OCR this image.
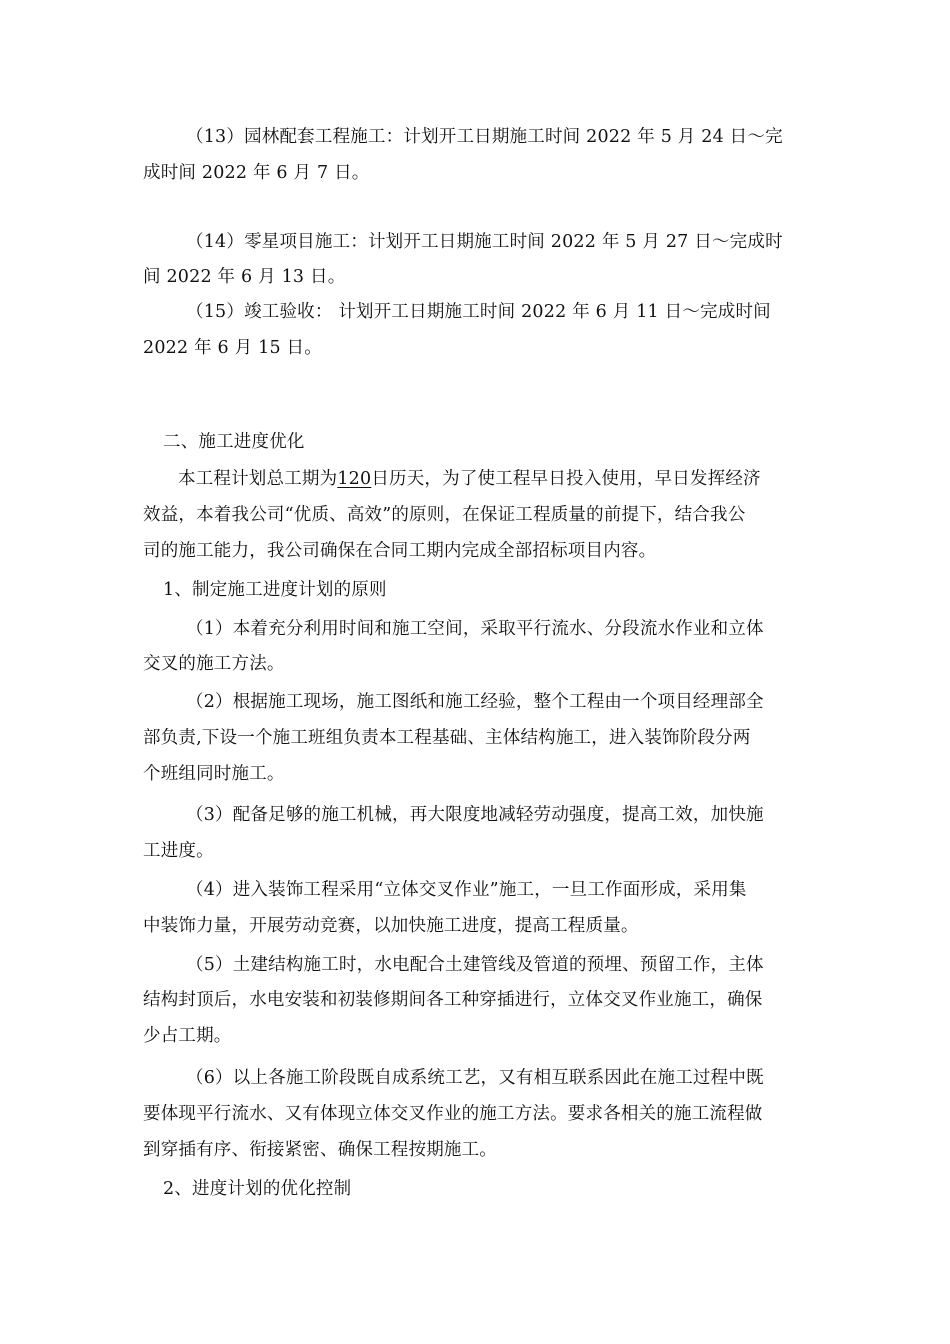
（13）园林配套工程施工：计划开工日期施工时间 2022 年 5 月 24 日～完
成时间 2022 年 6 月 7 日。
（14）零星项目施工：计划开工日期施工时间 2022 年 5 月 27 日～完成时
间 2022 年 6 月 13 日。
（15）竣工验收： 计划开工日期施工时间 2022 年 6 月 11 日～完成时间
2022 年 6 月 15 日。
二、施工进度优化
本工程计划总工期为120日历天，为了使工程早日投入使用，早日发挥经济
效益，本着我公司“优质、高效”的原则，在保证工程质量的前提下，结合我公
司的施工能力，我公司确保在合同工期内完成全部招标项目内容。
1、制定施工进度计划的原则
（1）本着充分利用时间和施工空间，采取平行流水、分段流水作业和立体
交叉的施工方法。
（2）根据施工现场，施工图纸和施工经验，整个工程由一个项目经理部全
部负责,下设一个施工班组负责本工程基础、主体结构施工，进入装饰阶段分两
个班组同时施工。
（3）配备足够的施工机械，再大限度地减轻劳动强度，提高工效，加快施
工进度。
（4）进入装饰工程采用“立体交叉作业”施工，一旦工作面形成，采用集
中装饰力量，开展劳动竞赛，以加快施工进度，提高工程质量。
（5）土建结构施工时，水电配合土建管线及管道的预埋、预留工作，主体
结构封顶后，水电安装和初装修期间各工种穿插进行，立体交叉作业施工，确保
少占工期。
（6）以上各施工阶段既自成系统工艺，又有相互联系因此在施工过程中既
要体现平行流水、又有体现立体交叉作业的施工方法。要求各相关的施工流程做
到穿插有序、衔接紧密、确保工程按期施工。
2、进度计划的优化控制
